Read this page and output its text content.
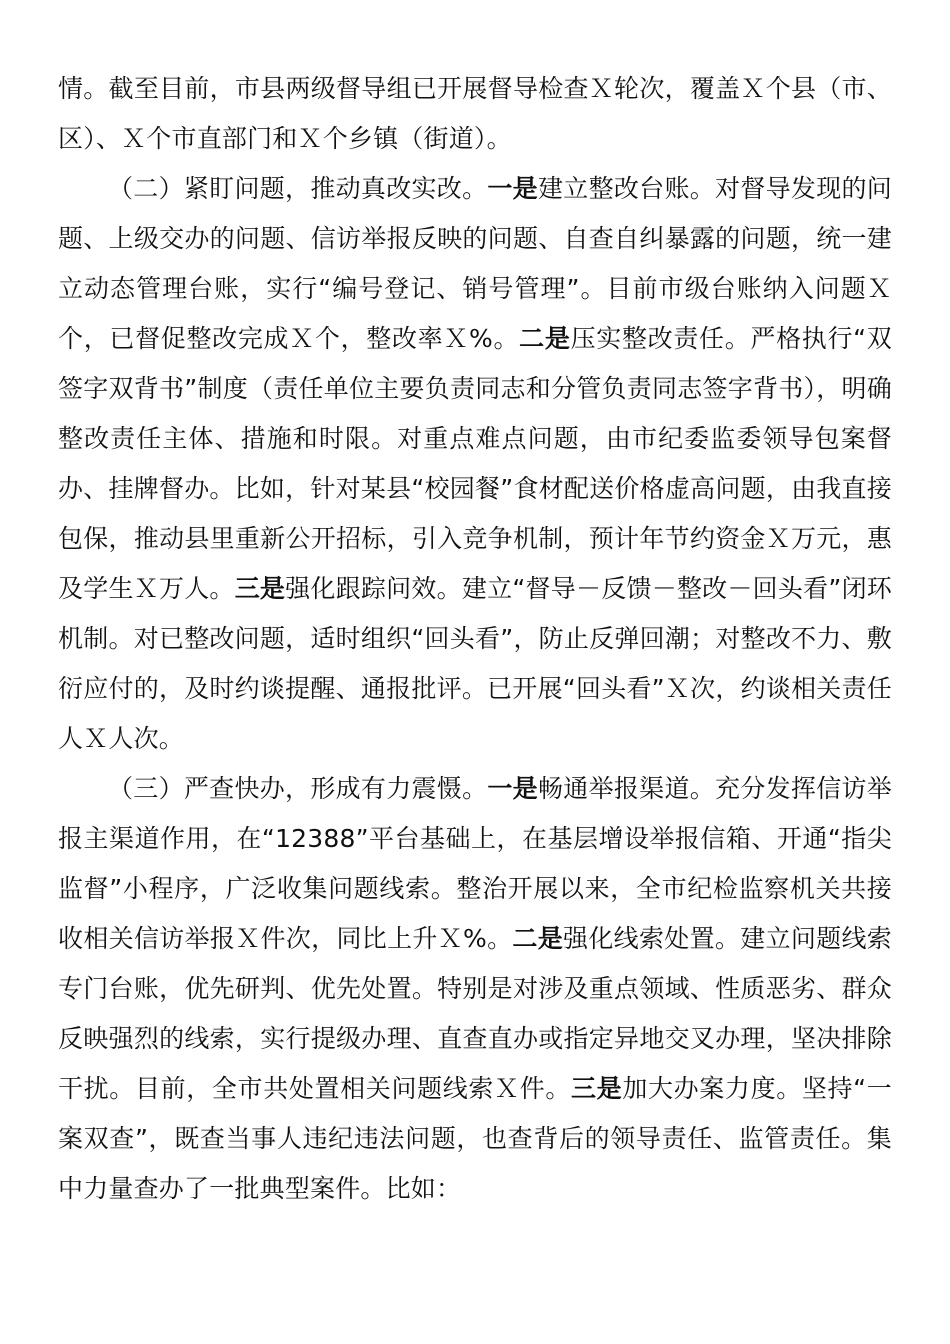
情。截至目前，市县两级督导组已开展督导检查Ｘ轮次，覆盖Ｘ个县（市、区）、Ｘ个市直部门和Ｘ个乡镇（街道）。

（二）紧盯问题，推动真改实改。一是建立整改台账。对督导发现的问题、上级交办的问题、信访举报反映的问题、自查自纠暴露的问题，统一建立动态管理台账，实行“编号登记、销号管理”。目前市级台账纳入问题Ｘ个，已督促整改完成Ｘ个，整改率Ｘ%。二是压实整改责任。严格执行“双签字双背书”制度（责任单位主要负责同志和分管负责同志签字背书），明确整改责任主体、措施和时限。对重点难点问题，由市纪委监委领导包案督办、挂牌督办。比如，针对某县“校园餐”食材配送价格虚高问题，由我直接包保，推动县里重新公开招标，引入竞争机制，预计年节约资金Ｘ万元，惠及学生Ｘ万人。三是强化跟踪问效。建立“督导－反馈－整改－回头看”闭环机制。对已整改问题，适时组织“回头看”，防止反弹回潮；对整改不力、敷衍应付的，及时约谈提醒、通报批评。已开展“回头看”Ｘ次，约谈相关责任人Ｘ人次。

（三）严查快办，形成有力震慑。一是畅通举报渠道。充分发挥信访举报主渠道作用，在“12388”平台基础上，在基层增设举报信箱、开通“指尖监督”小程序，广泛收集问题线索。整治开展以来，全市纪检监察机关共接收相关信访举报Ｘ件次，同比上升Ｘ%。二是强化线索处置。建立问题线索专门台账，优先研判、优先处置。特别是对涉及重点领域、性质恶劣、群众反映强烈的线索，实行提级办理、直查直办或指定异地交叉办理，坚决排除干扰。目前，全市共处置相关问题线索Ｘ件。三是加大办案力度。坚持“一案双查”，既查当事人违纪违法问题，也查背后的领导责任、监管责任。集中力量查办了一批典型案件。比如：
